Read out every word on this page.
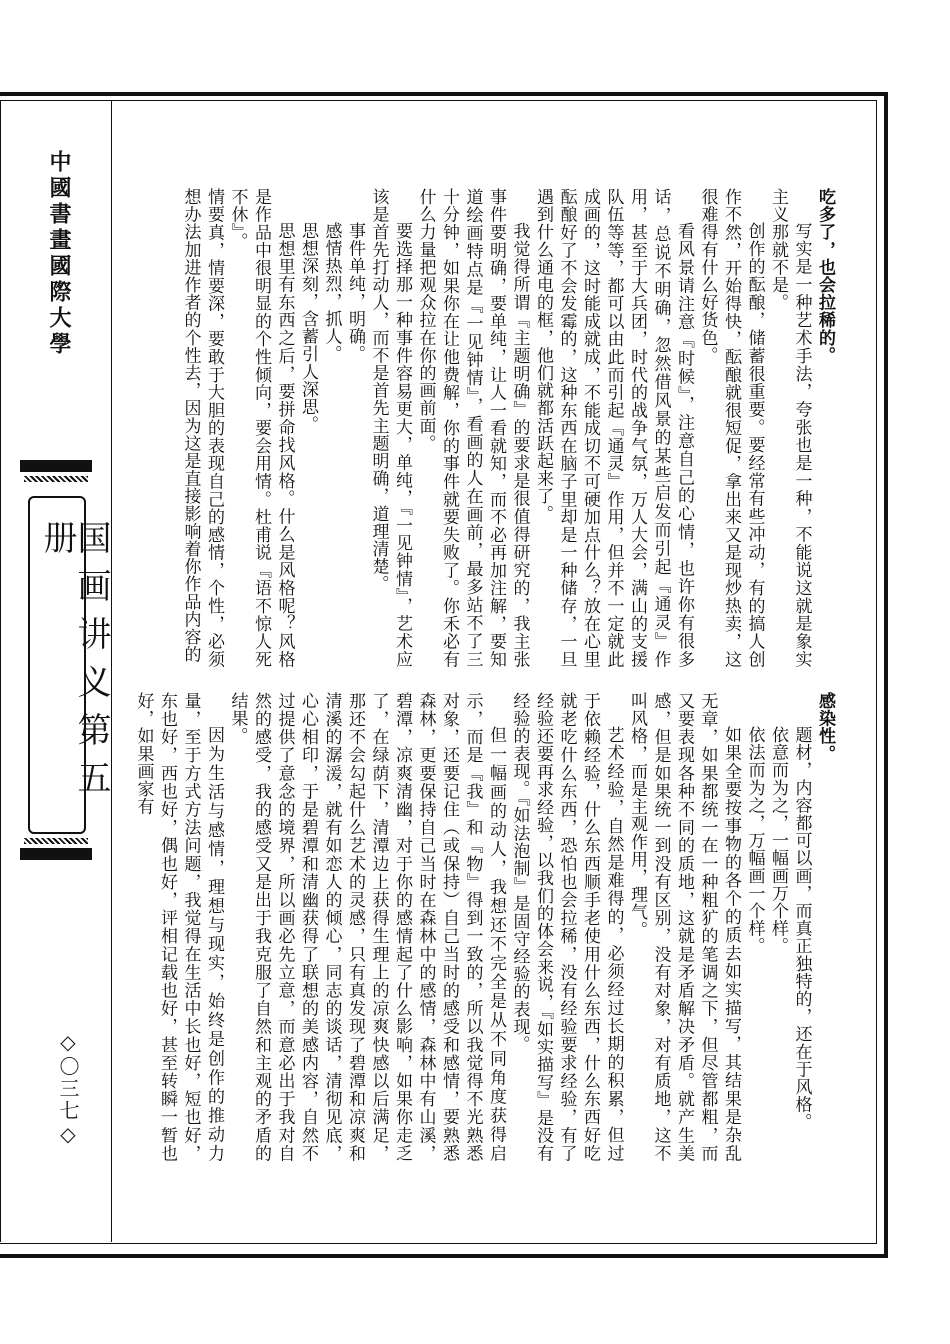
中國書畫國際大學
国画讲义第五册
◇〇三七◇

吃多了，也会拉稀的。

写实是一种艺术手法，夸张也是一种，不能说这就是象实主义那就不是。

创作的酝酿，储蓄很重要。要经常有些冲动，有的搞人创作不然，开始得快，酝酿就很短促，拿出来又是现炒热卖，这很难得有什么好货色。

看风景请注意『时候』，注意自己的心情，也许你有很多话，总说不明确，忽然借风景的某些启发而引起『通灵』作用，甚至于大兵团，时代的战争气氛，万人大会，满山的支援队伍等等，都可以由此而引起『通灵』作用，但并不一定就此成画的，这时能成就成，不能成切不可硬加点什么？放在心里酝酿好了不会发霉的，这种东西在脑子里却是一种储存，一旦遇到什么通电的框，他们就都活跃起来了。

我觉得所谓『主题明确』的要求是很值得研究的，我主张事件要明确，要单纯，让人一看就知，而不必再加注解，要知道绘画特点是『一见钟情』，看画的人在画前，最多站不了三十分钟，如果你在让他费解，你的事件就要失败了。你禾必有什么力量把观众拉在你的画前面。

要选择那一种事件容易更大，单纯，『一见钟情』，艺术应该是首先打动人，而不是首先主题明确，道理清楚。

事件单纯，明确。

感情热烈，抓人。

思想深刻，含蓄引人深思。

思想里有东西之后，要拼命找风格。什么是风格呢？风格是作品中很明显的个性倾向，要会用情。杜甫说『语不惊人死不休』。

情要真，情要深，要敢于大胆的表现自己的感情，个性，必须想办法加进作者的个性去，因为这是直接影响着你作品内容的

感染性。

题材，内容都可以画，而真正独特的，还在于风格。

依意而为之，一幅画万个样。

依法而为之，万幅画一个样。

如果全要按事物的各个的质去如实描写，其结果是杂乱无章，如果都统一在一种粗犷的笔调之下，但尽管都粗，而又要表现各种不同的质地，这就是矛盾解决矛盾。就产生美感，但是如果统一到没有区别，没有对象，对有质地，这不叫风格，而是主观作用，理气。

艺术经验，自然是难得的，必须经过长期的积累，但过于依赖经验，什么东西顺手老使用什么东西，什么东西好吃就老吃什么东西，恐怕也会拉稀，没有经验要求经验，有了经验还要再求经验，以我们的体会来说，『如实描写』是没有经验的表现。『如法泡制』是固守经验的表现。

但一幅画的动人，我想还不完全是从不同角度获得启示，而是『我』和『物』得到一致的，所以我觉得不光熟悉对象，还要记住（或保持）自己当时的感受和感情，要熟悉森林，更要保持自己当时在森林中的感情，森林中有山溪，碧潭，凉爽清幽，对于你的感情起了什么影响，如果你走乏了，在绿荫下，清潭边上获得生理上的凉爽快感以后满足，那还不会勾起什么艺术的灵感，只有真发现了碧潭和凉爽和清溪的潺湲，就有如恋人的倾心，同志的谈话，清彻见底，心心相印，于是碧潭和清幽获得了联想的美感内容，自然不过提供了意念的境界，所以画必先立意，而意必出于我对自然的感受，我的感受又是出于我克服了自然和主观的矛盾的结果。

因为生活与感情，理想与现实，始终是创作的推动力量，至于方式方法问题，我觉得在生活中长也好，短也好，东也好，西也好，偶也好，评相记载也好，甚至转瞬一暂也好，如果画家有
